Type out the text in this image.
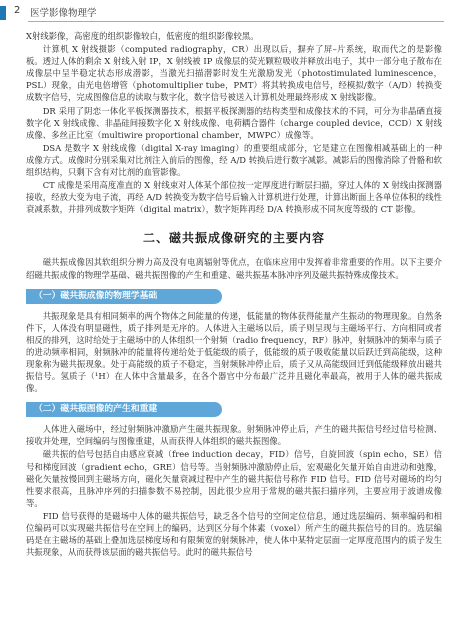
2 医学影像物理学

X射线影像，高密度的组织影像较白，低密度的组织影像较黑。

计算机 X 射线摄影（computed radiography，CR）出现以后，摒弃了屏–片系统，取而代之的是影像板。透过人体的剩余 X 射线入射 IP，X 射线被 IP 成像层的荧光颗粒吸收并释放出电子，其中一部分电子散布在成像层中呈半稳定状态形成潜影，当激光扫描潜影时发生光激励发光（photostimulated luminescence，PSL）现象，由光电倍增管（photomultiplier tube，PMT）将其转换成电信号，经模拟/数字（A/D）转换变成数字信号，完成图像信息的读取与数字化，数字信号被送入计算机处理最终形成 X 射线影像。

DR 采用了阴恋一体化平板探测器技术，根据平板探测器的结构类型和成像技术的不同，可分为非晶硒直接数字化 X 射线成像、非晶硅间接数字化 X 射线成像、电荷耦合器件（charge coupled device，CCD）X 射线成像、多丝正比室（multiwire proportional chamber，MWPC）成像等。

DSA 是数字 X 射线成像（digital X-ray imaging）的重要组成部分，它是建立在图像相减基础上的一种成像方式。成像时分别采集对比剂注入前后的图像，经 A/D 转换后进行数字减影。减影后的图像消除了骨骼和软组织结构，只剩下含有对比剂的血管影像。

CT 成像是采用高度准直的 X 射线束对人体某个部位按一定厚度进行断层扫描，穿过人体的 X 射线由探测器接收，经放大变为电子流，再经 A/D 转换变为数字信号后输入计算机进行处理，计算出断面上各单位体积的线性衰减系数，并排列成数字矩阵（digital matrix），数字矩阵再经 D/A 转换形成不同灰度等级的 CT 影像。

二、磁共振成像研究的主要内容

磁共振成像因其软组织分辨力高及没有电离辐射等优点，在临床应用中发挥着非常重要的作用。以下主要介绍磁共振成像的物理学基础、磁共振图像的产生和重建、磁共振基本脉冲序列及磁共振特殊成像技术。

（一）磁共振成像的物理学基础

共振现象是具有相同频率的两个物体之间能量的传递，低能量的物体获得能量产生振动的物理现象。自然条件下，人体没有明显磁性，质子排列是无序的。人体进入主磁场以后，质子则呈现与主磁场平行、方向相同或者相反的排列，这时给处于主磁场中的人体组织一个射频（radio frequency，RF）脉冲，射频脉冲的频率与质子的进动频率相同，射频脉冲的能量将传递给处于低能级的质子，低能级的质子吸收能量以后跃迁到高能级，这种现象称为磁共振现象。处于高能级的质子不稳定，当射频脉冲停止后，质子又从高能级回迁到低能级释放出磁共振信号。氢质子（¹H）在人体中含量最多，在各个器官中分布最广泛并且磁化率最高，被用于人体的磁共振成像。

（二）磁共振图像的产生和重建

人体进入磁场中，经过射频脉冲激励产生磁共振现象。射频脉冲停止后，产生的磁共振信号经过信号检测、接收并处理，空间编码与图像重建，从而获得人体组织的磁共振图像。

磁共振的信号包括自由感应衰减（free induction decay，FID）信号，自旋回波（spin echo，SE）信号和梯度回波（gradient echo，GRE）信号等。当射频脉冲激励停止后，宏观磁化矢量开始自由进动和弛豫，磁化矢量按慢回到主磁场方向，磁化矢量衰减过程中产生的磁共振信号称作 FID 信号。FID 信号对磁场的均匀性要求很高，且脉冲序列的扫描参数不易控制，因此很少应用于常规的磁共振扫描序列，主要应用于波谱成像等。

FID 信号获得的是磁场中人体的磁共振信号，缺乏各个信号的空间定位信息，通过选层编码、频率编码和相位编码可以实现磁共振信号在空间上的编码，达到区分每个体素（voxel）所产生的磁共振信号的目的。选层编码是在主磁场的基础上叠加选层梯度场和有限频宽的射频脉冲，使人体中某特定层面一定厚度范围内的质子发生共振现象，从而获得该层面的磁共振信号。此时的磁共振信号
